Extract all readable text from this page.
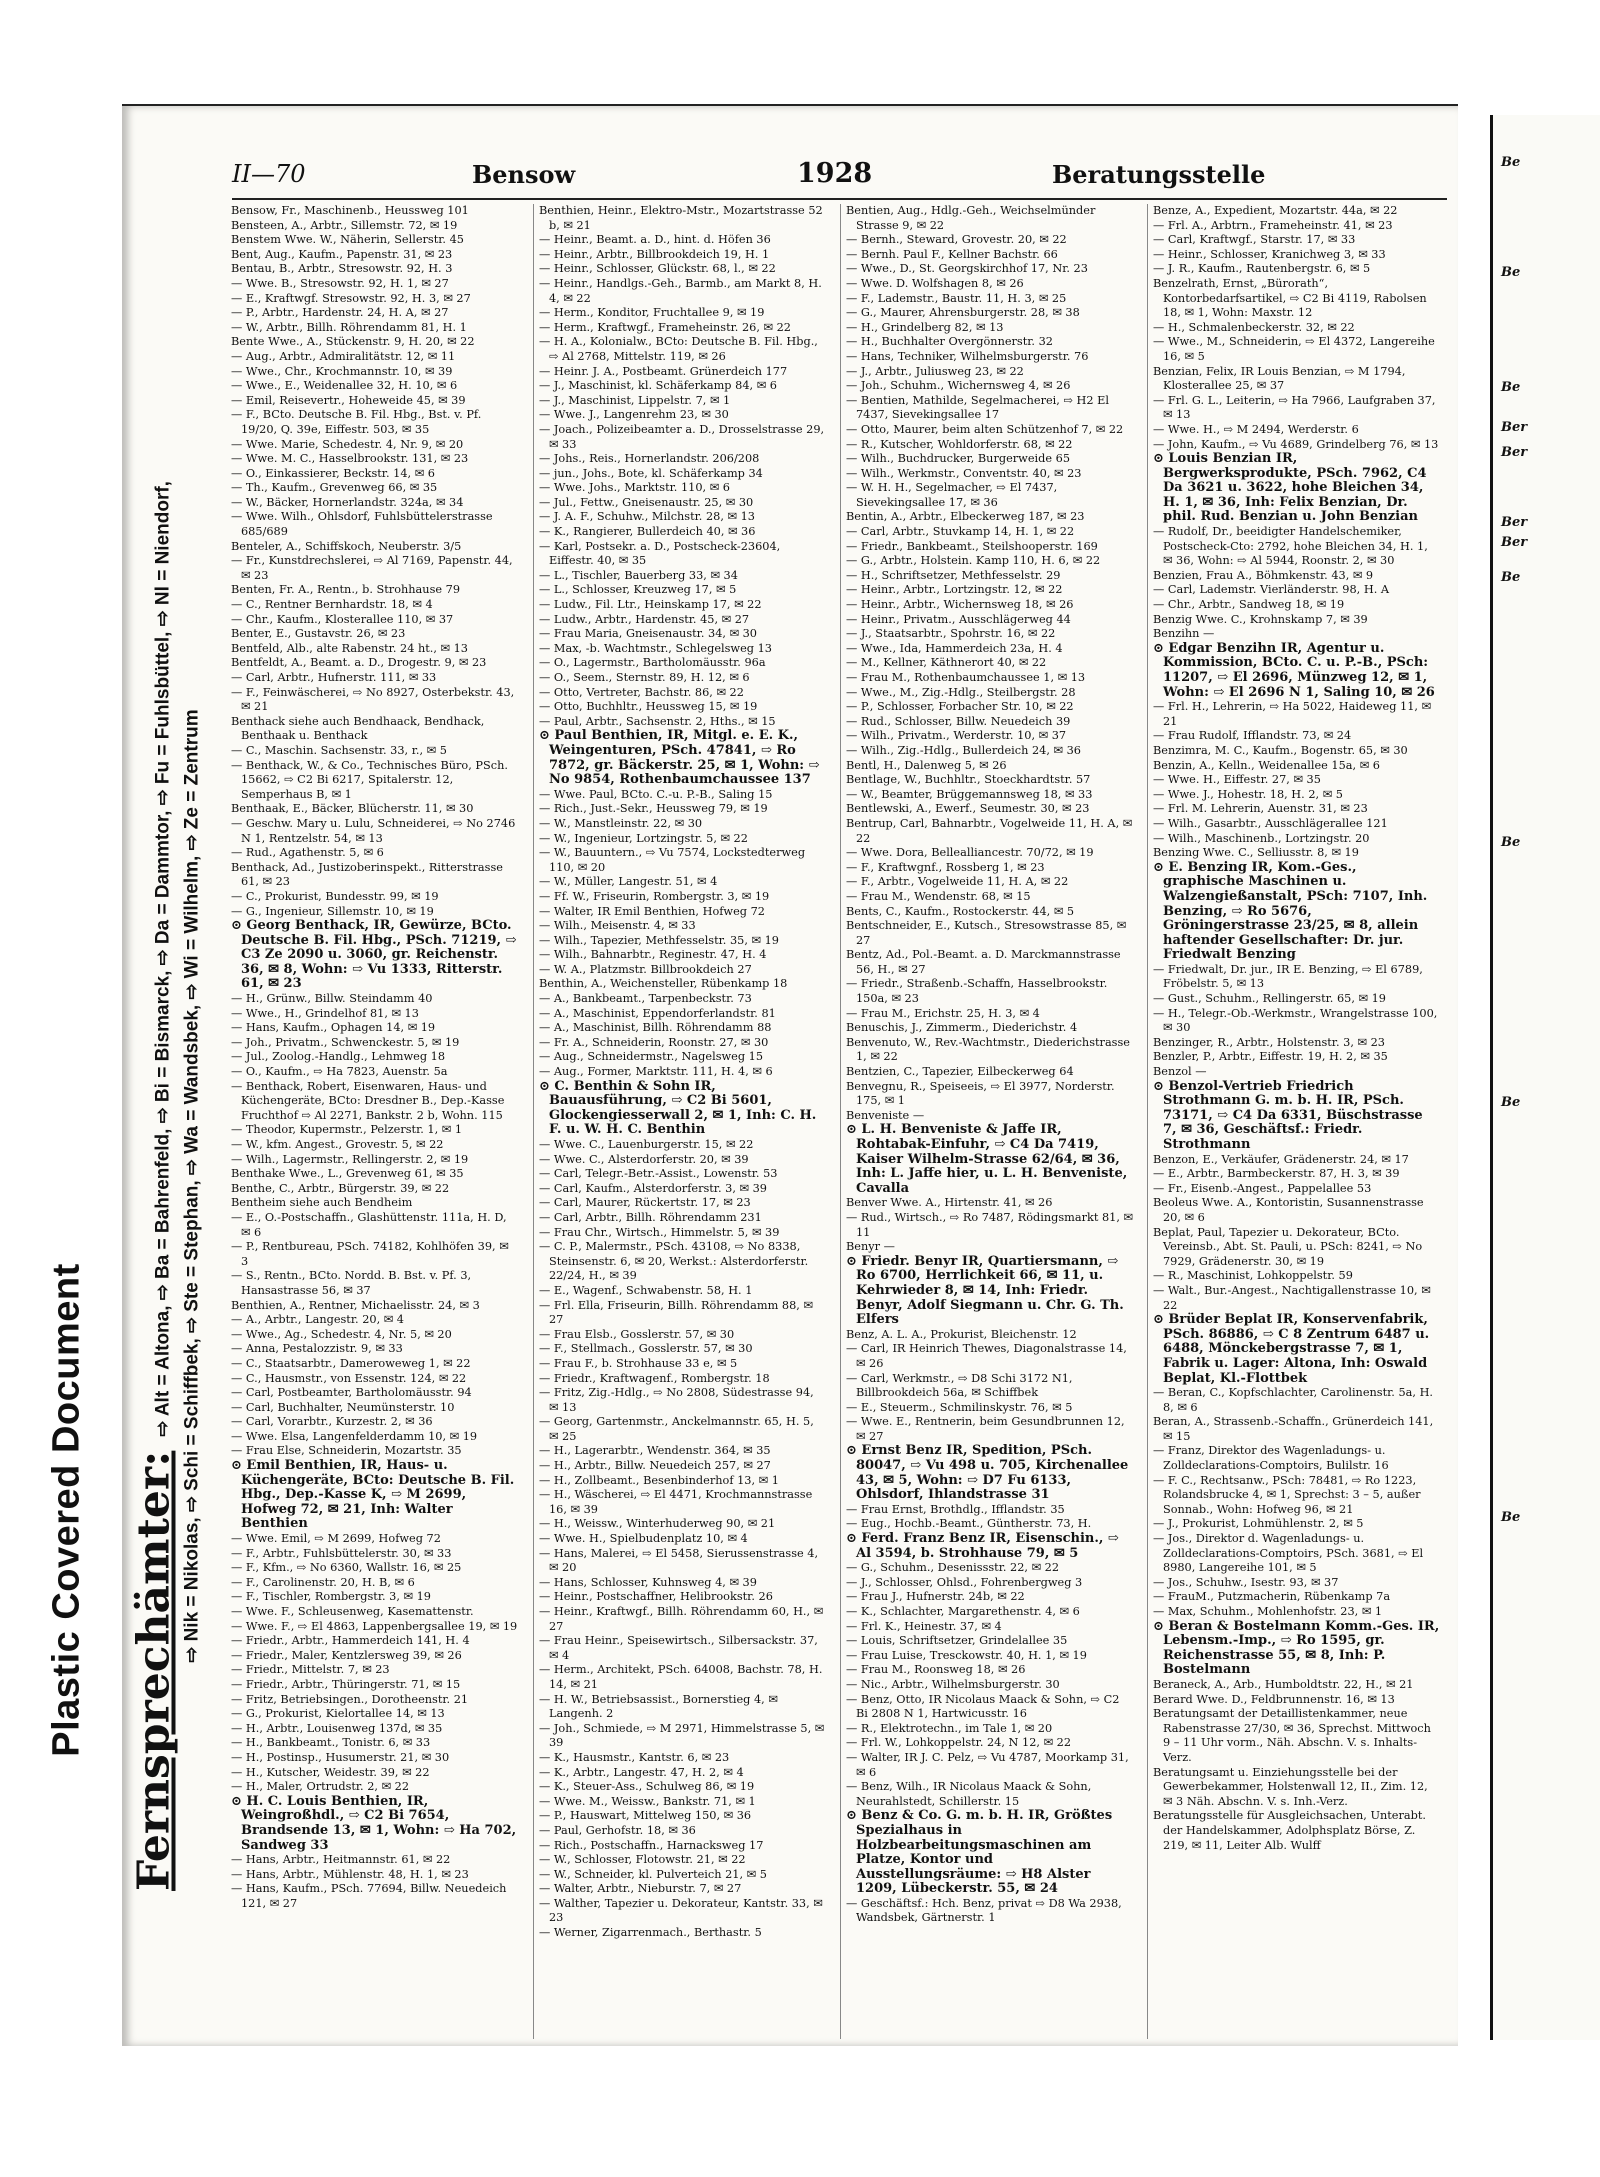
Plastic Covered Document
II—70	Bensow	1928	Beratungsstelle
Fernsprechämter:⇨ Alt = Altona, ⇨ Ba = Bahrenfeld, ⇨ Bi = Bismarck, ⇨ Da = Dammtor, ⇨ Fu = Fuhlsbüttel, ⇨ Nl = Niendorf, ⇨ Nik = Nikolas, ⇨ Schi = Schiffbek, ⇨ Ste = Stephan, ⇨ Wa = Wandsbek, ⇨ Wi = Wilhelm, ⇨ Ze = Zentrum
Bensow, Fr., Maschinenb., Heussweg 101
Bensteen, A., Arbtr., Sillemstr. 72, ✉ 19
Benstem Wwe. W., Näherin, Sellerstr. 45
Bent, Aug., Kaufm., Papenstr. 31, ✉ 23
Bentau, B., Arbtr., Stresowstr. 92, H. 3
— Wwe. B., Stresowstr. 92, H. 1, ✉ 27
— E., Kraftwgf. Stresowstr. 92, H. 3, ✉ 27
— P., Arbtr., Hardenstr. 24, H. A, ✉ 27
— W., Arbtr., Billh. Röhrendamm 81, H. 1
Bente Wwe., A., Stückenstr. 9, H. 20, ✉ 22
— Aug., Arbtr., Admiralitätstr. 12, ✉ 11
— Wwe., Chr., Krochmannstr. 10, ✉ 39
— Wwe., E., Weidenallee 32, H. 10, ✉ 6
— Emil, Reisevertr., Hoheweide 45, ✉ 39
— F., BCto. Deutsche B. Fil. Hbg., Bst. v. Pf. 19/20, Q. 39e, Eiffestr. 503, ✉ 35
— Wwe. Marie, Schedestr. 4, Nr. 9, ✉ 20
— Wwe. M. C., Hasselbrookstr. 131, ✉ 23
— O., Einkassierer, Beckstr. 14, ✉ 6
— Th., Kaufm., Grevenweg 66, ✉ 35
— W., Bäcker, Hornerlandstr. 324a, ✉ 34
— Wwe. Wilh., Ohlsdorf, Fuhlsbüttelerstrasse 685/689
Benteler, A., Schiffskoch, Neuberstr. 3/5
— Fr., Kunstdrechslerei, ⇨ Al 7169, Papenstr. 44, ✉ 23
Benten, Fr. A., Rentn., b. Strohhause 79
— C., Rentner Bernhardstr. 18, ✉ 4
— Chr., Kaufm., Klosterallee 110, ✉ 37
Benter, E., Gustavstr. 26, ✉ 23
Bentfeld, Alb., alte Rabenstr. 24 ht., ✉ 13
Bentfeldt, A., Beamt. a. D., Drogestr. 9, ✉ 23
— Carl, Arbtr., Hufnerstr. 111, ✉ 33
— F., Feinwäscherei, ⇨ No 8927, Osterbekstr. 43, ✉ 21
Benthack siehe auch Bendhaack, Bendhack, Benthaak u. Benthack
— C., Maschin. Sachsenstr. 33, r., ✉ 5
— Benthack, W., & Co., Technisches Büro, PSch. 15662, ⇨ C2 Bi 6217, Spitalerstr. 12, Semperhaus B, ✉ 1
Benthaak, E., Bäcker, Blücherstr. 11, ✉ 30
— Geschw. Mary u. Lulu, Schneiderei, ⇨ No 2746 N 1, Rentzelstr. 54, ✉ 13
— Rud., Agathenstr. 5, ✉ 6
Benthack, Ad., Justizoberinspekt., Ritterstrasse 61, ✉ 23
— C., Prokurist, Bundesstr. 99, ✉ 19
— G., Ingenieur, Sillemstr. 10, ✉ 19
⊙ Georg Benthack, IR, Gewürze, BCto. Deutsche B. Fil. Hbg., PSch. 71219, ⇨ C3 Ze 2090 u. 3060, gr. Reichenstr. 36, ✉ 8, Wohn: ⇨ Vu 1333, Ritterstr. 61, ✉ 23
— H., Grünw., Billw. Steindamm 40
— Wwe., H., Grindelhof 81, ✉ 13
— Hans, Kaufm., Ophagen 14, ✉ 19
— Joh., Privatm., Schwenckestr. 5, ✉ 19
— Jul., Zoolog.-Handlg., Lehmweg 18
— O., Kaufm., ⇨ Ha 7823, Auenstr. 5a
— Benthack, Robert, Eisenwaren, Haus- und Küchengeräte, BCto: Dresdner B., Dep.-Kasse Fruchthof ⇨ Al 2271, Bankstr. 2 b, Wohn. 115
— Theodor, Kupermstr., Pelzerstr. 1, ✉ 1
— W., kfm. Angest., Grovestr. 5, ✉ 22
— Wilh., Lagermstr., Rellingerstr. 2, ✉ 19
Benthake Wwe., L., Grevenweg 61, ✉ 35
Benthe, C., Arbtr., Bürgerstr. 39, ✉ 22
Bentheim siehe auch Bendheim
— E., O.-Postschaffn., Glashüttenstr. 111a, H. D, ✉ 6
— P., Rentbureau, PSch. 74182, Kohlhöfen 39, ✉ 3
— S., Rentn., BCto. Nordd. B. Bst. v. Pf. 3, Hansastrasse 56, ✉ 37
Benthien, A., Rentner, Michaelisstr. 24, ✉ 3
— A., Arbtr., Langestr. 20, ✉ 4
— Wwe., Ag., Schedestr. 4, Nr. 5, ✉ 20
— Anna, Pestalozzistr. 9, ✉ 33
— C., Staatsarbtr., Dameroweweg 1, ✉ 22
— C., Hausmstr., von Essenstr. 124, ✉ 22
— Carl, Postbeamter, Bartholomäusstr. 94
— Carl, Buchhalter, Neumünsterstr. 10
— Carl, Vorarbtr., Kurzestr. 2, ✉ 36
— Wwe. Elsa, Langenfelderdamm 10, ✉ 19
— Frau Else, Schneiderin, Mozartstr. 35
⊙ Emil Benthien, IR, Haus- u. Küchengeräte, BCto: Deutsche B. Fil. Hbg., Dep.-Kasse K, ⇨ M 2699, Hofweg 72, ✉ 21, Inh: Walter Benthien
— Wwe. Emil, ⇨ M 2699, Hofweg 72
— F., Arbtr., Fuhlsbüttelerstr. 30, ✉ 33
— F., Kfm., ⇨ No 6360, Wallstr. 16, ✉ 25
— F., Carolinenstr. 20, H. B, ✉ 6
— F., Tischler, Rombergstr. 3, ✉ 19
— Wwe. F., Schleusenweg, Kasemattenstr.
— Wwe. F., ⇨ El 4863, Lappenbergsallee 19, ✉ 19
— Friedr., Arbtr., Hammerdeich 141, H. 4
— Friedr., Maler, Kentzlersweg 39, ✉ 26
— Friedr., Mittelstr. 7, ✉ 23
— Friedr., Arbtr., Thüringerstr. 71, ✉ 15
— Fritz, Betriebsingen., Dorotheenstr. 21
— G., Prokurist, Kielortallee 14, ✉ 13
— H., Arbtr., Louisenweg 137d, ✉ 35
— H., Bankbeamt., Tonistr. 6, ✉ 33
— H., Postinsp., Husumerstr. 21, ✉ 30
— H., Kutscher, Weidestr. 39, ✉ 22
— H., Maler, Ortrudstr. 2, ✉ 22
⊙ H. C. Louis Benthien, IR, Weingroßhdl., ⇨ C2 Bi 7654, Brandsende 13, ✉ 1, Wohn: ⇨ Ha 702, Sandweg 33
— Hans, Arbtr., Heitmannstr. 61, ✉ 22
— Hans, Arbtr., Mühlenstr. 48, H. 1, ✉ 23
— Hans, Kaufm., PSch. 77694, Billw. Neuedeich 121, ✉ 27
Benthien, Heinr., Elektro-Mstr., Mozartstrasse 52 b, ✉ 21
— Heinr., Beamt. a. D., hint. d. Höfen 36
— Heinr., Arbtr., Billbrookdeich 19, H. 1
— Heinr., Schlosser, Glückstr. 68, l., ✉ 22
— Heinr., Handlgs.-Geh., Barmb., am Markt 8, H. 4, ✉ 22
— Herm., Konditor, Fruchtallee 9, ✉ 19
— Herm., Kraftwgf., Frameheinstr. 26, ✉ 22
— H. A., Kolonialw., BCto: Deutsche B. Fil. Hbg., ⇨ Al 2768, Mittelstr. 119, ✉ 26
— Heinr. J. A., Postbeamt. Grünerdeich 177
— J., Maschinist, kl. Schäferkamp 84, ✉ 6
— J., Maschinist, Lippelstr. 7, ✉ 1
— Wwe. J., Langenrehm 23, ✉ 30
— Joach., Polizeibeamter a. D., Drosselstrasse 29, ✉ 33
— Johs., Reis., Hornerlandstr. 206/208
— jun., Johs., Bote, kl. Schäferkamp 34
— Wwe. Johs., Marktstr. 110, ✉ 6
— Jul., Fettw., Gneisenaustr. 25, ✉ 30
— J. A. F., Schuhw., Milchstr. 28, ✉ 13
— K., Rangierer, Bullerdeich 40, ✉ 36
— Karl, Postsekr. a. D., Postscheck-23604, Eiffestr. 40, ✉ 35
— L., Tischler, Bauerberg 33, ✉ 34
— L., Schlosser, Kreuzweg 17, ✉ 5
— Ludw., Fil. Ltr., Heinskamp 17, ✉ 22
— Ludw., Arbtr., Hardenstr. 45, ✉ 27
— Frau Maria, Gneisenaustr. 34, ✉ 30
— Max, -b. Wachtmstr., Schlegelsweg 13
— O., Lagermstr., Bartholomäusstr. 96a
— O., Seem., Sternstr. 89, H. 12, ✉ 6
— Otto, Vertreter, Bachstr. 86, ✉ 22
— Otto, Buchhltr., Heussweg 15, ✉ 19
— Paul, Arbtr., Sachsenstr. 2, Hths., ✉ 15
⊙ Paul Benthien, IR, Mitgl. e. E. K., Weingenturen, PSch. 47841, ⇨ Ro 7872, gr. Bäckerstr. 25, ✉ 1, Wohn: ⇨ No 9854, Rothenbaumchaussee 137
— Wwe. Paul, BCto. C.-u. P.-B., Saling 15
— Rich., Just.-Sekr., Heussweg 79, ✉ 19
— W., Manstleinstr. 22, ✉ 30
— W., Ingenieur, Lortzingstr. 5, ✉ 22
— W., Bauuntern., ⇨ Vu 7574, Lockstedterweg 110, ✉ 20
— W., Müller, Langestr. 51, ✉ 4
— Ff. W., Friseurin, Rombergstr. 3, ✉ 19
— Walter, IR Emil Benthien, Hofweg 72
— Wilh., Meisenstr. 4, ✉ 33
— Wilh., Tapezier, Methfesselstr. 35, ✉ 19
— Wilh., Bahnarbtr., Reginestr. 47, H. 4
— W. A., Platzmstr. Billbrookdeich 27
Benthin, A., Weichensteller, Rübenkamp 18
— A., Bankbeamt., Tarpenbeckstr. 73
— A., Maschinist, Eppendorferlandstr. 81
— A., Maschinist, Billh. Röhrendamm 88
— Fr. A., Schneiderin, Roonstr. 27, ✉ 30
— Aug., Schneidermstr., Nagelsweg 15
— Aug., Former, Marktstr. 111, H. 4, ✉ 6
⊙ C. Benthin & Sohn IR, Bauausführung, ⇨ C2 Bi 5601, Glockengiesserwall 2, ✉ 1, Inh: C. H. F. u. W. H. C. Benthin
— Wwe. C., Lauenburgerstr. 15, ✉ 22
— Wwe. C., Alsterdorferstr. 20, ✉ 39
— Carl, Telegr.-Betr.-Assist., Lowenstr. 53
— Carl, Kaufm., Alsterdorferstr. 3, ✉ 39
— Carl, Maurer, Rückertstr. 17, ✉ 23
— Carl, Arbtr., Billh. Röhrendamm 231
— Frau Chr., Wirtsch., Himmelstr. 5, ✉ 39
— C. P., Malermstr., PSch. 43108, ⇨ No 8338, Steinsenstr. 6, ✉ 20, Werkst.: Alsterdorferstr. 22/24, H., ✉ 39
— E., Wagenf., Schwabenstr. 58, H. 1
— Frl. Ella, Friseurin, Billh. Röhrendamm 88, ✉ 27
— Frau Elsb., Gosslerstr. 57, ✉ 30
— F., Stellmach., Gosslerstr. 57, ✉ 30
— Frau F., b. Strohhause 33 e, ✉ 5
— Friedr., Kraftwagenf., Rombergstr. 18
— Fritz, Zig.-Hdlg., ⇨ No 2808, Südestrasse 94, ✉ 13
— Georg, Gartenmstr., Anckelmannstr. 65, H. 5, ✉ 25
— H., Lagerarbtr., Wendenstr. 364, ✉ 35
— H., Arbtr., Billw. Neuedeich 257, ✉ 27
— H., Zollbeamt., Besenbinderhof 13, ✉ 1
— H., Wäscherei, ⇨ El 4471, Krochmannstrasse 16, ✉ 39
— H., Weissw., Winterhuderweg 90, ✉ 21
— Wwe. H., Spielbudenplatz 10, ✉ 4
— Hans, Malerei, ⇨ El 5458, Sierussenstrasse 4, ✉ 20
— Hans, Schlosser, Kuhnsweg 4, ✉ 39
— Heinr., Postschaffner, Helibrookstr. 26
— Heinr., Kraftwgf., Billh. Röhrendamm 60, H., ✉ 27
— Frau Heinr., Speisewirtsch., Silbersackstr. 37, ✉ 4
— Herm., Architekt, PSch. 64008, Bachstr. 78, H. 14, ✉ 21
— H. W., Betriebsassist., Bornerstieg 4, ✉ Langenh. 2
— Joh., Schmiede, ⇨ M 2971, Himmelstrasse 5, ✉ 39
— K., Hausmstr., Kantstr. 6, ✉ 23
— K., Arbtr., Langestr. 47, H. 2, ✉ 4
— K., Steuer-Ass., Schulweg 86, ✉ 19
— Wwe. M., Weissw., Bankstr. 71, ✉ 1
— P., Hauswart, Mittelweg 150, ✉ 36
— Paul, Gerhofstr. 18, ✉ 36
— Rich., Postschaffn., Harnacksweg 17
— W., Schlosser, Flotowstr. 21, ✉ 22
— W., Schneider, kl. Pulverteich 21, ✉ 5
— Walter, Arbtr., Nieburstr. 7, ✉ 27
— Walther, Tapezier u. Dekorateur, Kantstr. 33, ✉ 23
— Werner, Zigarrenmach., Berthastr. 5
Bentien, Aug., Hdlg.-Geh., Weichselmünder Strasse 9, ✉ 22
— Bernh., Steward, Grovestr. 20, ✉ 22
— Bernh. Paul F., Kellner Bachstr. 66
— Wwe., D., St. Georgskirchhof 17, Nr. 23
— Wwe. D. Wolfshagen 8, ✉ 26
— F., Lademstr., Baustr. 11, H. 3, ✉ 25
— G., Maurer, Ahrensburgerstr. 28, ✉ 38
— H., Grindelberg 82, ✉ 13
— H., Buchhalter Overgönnerstr. 32
— Hans, Techniker, Wilhelmsburgerstr. 76
— J., Arbtr., Juliusweg 23, ✉ 22
— Joh., Schuhm., Wichernsweg 4, ✉ 26
— Bentien, Mathilde, Segelmacherei, ⇨ H2 El 7437, Sievekingsallee 17
— Otto, Maurer, beim alten Schützenhof 7, ✉ 22
— R., Kutscher, Wohldorferstr. 68, ✉ 22
— Wilh., Buchdrucker, Burgerweide 65
— Wilh., Werkmstr., Conventstr. 40, ✉ 23
— W. H. H., Segelmacher, ⇨ El 7437, Sievekingsallee 17, ✉ 36
Bentin, A., Arbtr., Elbeckerweg 187, ✉ 23
— Carl, Arbtr., Stuvkamp 14, H. 1, ✉ 22
— Friedr., Bankbeamt., Steilshooperstr. 169
— G., Arbtr., Holstein. Kamp 110, H. 6, ✉ 22
— H., Schriftsetzer, Methfesselstr. 29
— Heinr., Arbtr., Lortzingstr. 12, ✉ 22
— Heinr., Arbtr., Wichernsweg 18, ✉ 26
— Heinr., Privatm., Ausschlägerweg 44
— J., Staatsarbtr., Spohrstr. 16, ✉ 22
— Wwe., Ida, Hammerdeich 23a, H. 4
— M., Kellner, Käthnerort 40, ✉ 22
— Frau M., Rothenbaumchaussee 1, ✉ 13
— Wwe., M., Zig.-Hdlg., Steilbergstr. 28
— P., Schlosser, Forbacher Str. 10, ✉ 22
— Rud., Schlosser, Billw. Neuedeich 39
— Wilh., Privatm., Werderstr. 10, ✉ 37
— Wilh., Zig.-Hdlg., Bullerdeich 24, ✉ 36
Bentl, H., Dalenweg 5, ✉ 26
Bentlage, W., Buchhltr., Stoeckhardtstr. 57
— W., Beamter, Brüggemannsweg 18, ✉ 33
Bentlewski, A., Ewerf., Seumestr. 30, ✉ 23
Bentrup, Carl, Bahnarbtr., Vogelweide 11, H. A, ✉ 22
— Wwe. Dora, Bellealliancestr. 70/72, ✉ 19
— F., Kraftwgnf., Rossberg 1, ✉ 23
— F., Arbtr., Vogelweide 11, H. A, ✉ 22
— Frau M., Wendenstr. 68, ✉ 15
Bents, C., Kaufm., Rostockerstr. 44, ✉ 5
Bentschneider, E., Kutsch., Stresowstrasse 85, ✉ 27
Bentz, Ad., Pol.-Beamt. a. D. Marckmannstrasse 56, H., ✉ 27
— Friedr., Straßenb.-Schaffn, Hasselbrookstr. 150a, ✉ 23
— Frau M., Erichstr. 25, H. 3, ✉ 4
Benuschis, J., Zimmerm., Diederichstr. 4
Benvenuto, W., Rev.-Wachtmstr., Diederichstrasse 1, ✉ 22
Bentzien, C., Tapezier, Eilbeckerweg 64
Benvegnu, R., Speiseeis, ⇨ El 3977, Norderstr. 175, ✉ 1
Benveniste —
⊙ L. H. Benveniste & Jaffe IR, Rohtabak-Einfuhr, ⇨ C4 Da 7419, Kaiser Wilhelm-Strasse 62/64, ✉ 36, Inh: L. Jaffe hier, u. L. H. Benveniste, Cavalla
Benver Wwe. A., Hirtenstr. 41, ✉ 26
— Rud., Wirtsch., ⇨ Ro 7487, Rödingsmarkt 81, ✉ 11
Benyr —
⊙ Friedr. Benyr IR, Quartiersmann, ⇨ Ro 6700, Herrlichkeit 66, ✉ 11, u. Kehrwieder 8, ✉ 14, Inh: Friedr. Benyr, Adolf Siegmann u. Chr. G. Th. Elfers
Benz, A. L. A., Prokurist, Bleichenstr. 12
— Carl, IR Heinrich Thewes, Diagonalstrasse 14, ✉ 26
— Carl, Werkmstr., ⇨ D8 Schi 3172 N1, Billbrookdeich 56a, ✉ Schiffbek
— E., Steuerm., Schmilinskystr. 76, ✉ 5
— Wwe. E., Rentnerin, beim Gesundbrunnen 12, ✉ 27
⊙ Ernst Benz IR, Spedition, PSch. 80047, ⇨ Vu 498 u. 705, Kirchenallee 43, ✉ 5, Wohn: ⇨ D7 Fu 6133, Ohlsdorf, Ihlandstrasse 31
— Frau Ernst, Brothdlg., Ifflandstr. 35
— Eug., Hochb.-Beamt., Güntherstr. 73, H.
⊙ Ferd. Franz Benz IR, Eisenschin., ⇨ Al 3594, b. Strohhause 79, ✉ 5
— G., Schuhm., Desenissstr. 22, ✉ 22
— J., Schlosser, Ohlsd., Fohrenbergweg 3
— Frau J., Hufnerstr. 24b, ✉ 22
— K., Schlachter, Margarethenstr. 4, ✉ 6
— Frl. K., Heinestr. 37, ✉ 4
— Louis, Schriftsetzer, Grindelallee 35
— Frau Luise, Tresckowstr. 40, H. 1, ✉ 19
— Frau M., Roonsweg 18, ✉ 26
— Nic., Arbtr., Wilhelmsburgerstr. 30
— Benz, Otto, IR Nicolaus Maack & Sohn, ⇨ C2 Bi 2808 N 1, Hartwicusstr. 16
— R., Elektrotechn., im Tale 1, ✉ 20
— Frl. W., Lohkoppelstr. 24, N 12, ✉ 22
— Walter, IR J. C. Pelz, ⇨ Vu 4787, Moorkamp 31, ✉ 6
— Benz, Wilh., IR Nicolaus Maack & Sohn, Neurahlstedt, Schillerstr. 15
⊙ Benz & Co. G. m. b. H. IR, Größtes Spezialhaus in Holzbearbeitungsmaschinen am Platze, Kontor und Ausstellungsräume: ⇨ H8 Alster 1209, Lübeckerstr. 55, ✉ 24
— Geschäftsf.: Hch. Benz, privat ⇨ D8 Wa 2938, Wandsbek, Gärtnerstr. 1
Benze, A., Expedient, Mozartstr. 44a, ✉ 22
— Frl. A., Arbtrn., Frameheinstr. 41, ✉ 23
— Carl, Kraftwgf., Starstr. 17, ✉ 33
— Heinr., Schlosser, Kranichweg 3, ✉ 33
— J. R., Kaufm., Rautenbergstr. 6, ✉ 5
Benzelrath, Ernst, „Bürorath“, Kontorbedarfsartikel, ⇨ C2 Bi 4119, Rabolsen 18, ✉ 1, Wohn: Maxstr. 12
— H., Schmalenbeckerstr. 32, ✉ 22
— Wwe., M., Schneiderin, ⇨ El 4372, Langereihe 16, ✉ 5
Benzian, Felix, IR Louis Benzian, ⇨ M 1794, Klosterallee 25, ✉ 37
— Frl. G. L., Leiterin, ⇨ Ha 7966, Laufgraben 37, ✉ 13
— Wwe. H., ⇨ M 2494, Werderstr. 6
— John, Kaufm., ⇨ Vu 4689, Grindelberg 76, ✉ 13
⊙ Louis Benzian IR, Bergwerksprodukte, PSch. 7962, C4 Da 3621 u. 3622, hohe Bleichen 34, H. 1, ✉ 36, Inh: Felix Benzian, Dr. phil. Rud. Benzian u. John Benzian
— Rudolf, Dr., beeidigter Handelschemiker, Postscheck-Cto: 2792, hohe Bleichen 34, H. 1, ✉ 36, Wohn: ⇨ Al 5944, Roonstr. 2, ✉ 30
Benzien, Frau A., Böhmkenstr. 43, ✉ 9
— Carl, Lademstr. Vierländerstr. 98, H. A
— Chr., Arbtr., Sandweg 18, ✉ 19
Benzig Wwe. C., Krohnskamp 7, ✉ 39
Benzihn —
⊙ Edgar Benzihn IR, Agentur u. Kommission, BCto. C. u. P.-B., PSch: 11207, ⇨ El 2696, Münzweg 12, ✉ 1, Wohn: ⇨ El 2696 N 1, Saling 10, ✉ 26
— Frl. H., Lehrerin, ⇨ Ha 5022, Haideweg 11, ✉ 21
— Frau Rudolf, Ifflandstr. 73, ✉ 24
Benzimra, M. C., Kaufm., Bogenstr. 65, ✉ 30
Benzin, A., Kelln., Weidenallee 15a, ✉ 6
— Wwe. H., Eiffestr. 27, ✉ 35
— Wwe. J., Hohestr. 18, H. 2, ✉ 5
— Frl. M. Lehrerin, Auenstr. 31, ✉ 23
— Wilh., Gasarbtr., Ausschlägerallee 121
— Wilh., Maschinenb., Lortzingstr. 20
Benzing Wwe. C., Selliusstr. 8, ✉ 19
⊙ E. Benzing IR, Kom.-Ges., graphische Maschinen u. Walzengießanstalt, PSch: 7107, Inh. Benzing, ⇨ Ro 5676, Gröningerstrasse 23/25, ✉ 8, allein haftender Gesellschafter: Dr. jur. Friedwalt Benzing
— Friedwalt, Dr. jur., IR E. Benzing, ⇨ El 6789, Fröbelstr. 5, ✉ 13
— Gust., Schuhm., Rellingerstr. 65, ✉ 19
— H., Telegr.-Ob.-Werkmstr., Wrangelstrasse 100, ✉ 30
Benzinger, R., Arbtr., Holstenstr. 3, ✉ 23
Benzler, P., Arbtr., Eiffestr. 19, H. 2, ✉ 35
Benzol —
⊙ Benzol-Vertrieb Friedrich Strothmann G. m. b. H. IR, PSch. 73171, ⇨ C4 Da 6331, Büschstrasse 7, ✉ 36, Geschäftsf.: Friedr. Strothmann
Benzon, E., Verkäufer, Grädenerstr. 24, ✉ 17
— E., Arbtr., Barmbeckerstr. 87, H. 3, ✉ 39
— Fr., Eisenb.-Angest., Pappelallee 53
Beoleus Wwe. A., Kontoristin, Susannenstrasse 20, ✉ 6
Beplat, Paul, Tapezier u. Dekorateur, BCto. Vereinsb., Abt. St. Pauli, u. PSch: 8241, ⇨ No 7929, Grädenerstr. 30, ✉ 19
— R., Maschinist, Lohkoppelstr. 59
— Walt., Bur.-Angest., Nachtigallenstrasse 10, ✉ 22
⊙ Brüder Beplat IR, Konservenfabrik, PSch. 86886, ⇨ C 8 Zentrum 6487 u. 6488, Mönckebergstrasse 7, ✉ 1, Fabrik u. Lager: Altona, Inh: Oswald Beplat, Kl.-Flottbek
— Beran, C., Kopfschlachter, Carolinenstr. 5a, H. 8, ✉ 6
Beran, A., Strassenb.-Schaffn., Grünerdeich 141, ✉ 15
— Franz, Direktor des Wagenladungs- u. Zolldeclarations-Comptoirs, Bulilstr. 16
— F. C., Rechtsanw., PSch: 78481, ⇨ Ro 1223, Rolandsbrucke 4, ✉ 1, Sprechst: 3 – 5, außer Sonnab., Wohn: Hofweg 96, ✉ 21
— J., Prokurist, Lohmühlenstr. 2, ✉ 5
— Jos., Direktor d. Wagenladungs- u. Zolldeclarations-Comptoirs, PSch. 3681, ⇨ El 8980, Langereihe 101, ✉ 5
— Jos., Schuhw., Isestr. 93, ✉ 37
— FrauM., Putzmacherin, Rübenkamp 7a
— Max, Schuhm., Mohlenhofstr. 23, ✉ 1
⊙ Beran & Bostelmann Komm.-Ges. IR, Lebensm.-Imp., ⇨ Ro 1595, gr. Reichenstrasse 55, ✉ 8, Inh: P. Bostelmann
Beraneck, A., Arb., Humboldtstr. 22, H., ✉ 21
Berard Wwe. D., Feldbrunnenstr. 16, ✉ 13
Beratungsamt der Detaillistenkammer, neue Rabenstrasse 27/30, ✉ 36, Sprechst. Mittwoch 9 – 11 Uhr vorm., Näh. Abschn. V. s. Inhalts-Verz.
Beratungsamt u. Einziehungsstelle bei der Gewerbekammer, Holstenwall 12, II., Zim. 12, ✉ 3 Näh. Abschn. V. s. Inh.-Verz.
Beratungsstelle für Ausgleichsachen, Unterabt. der Handelskammer, Adolphsplatz Börse, Z. 219, ✉ 11, Leiter Alb. Wulff
Be
Be
Be
Ber
Ber
Ber
Ber
Be
Be
Be
Be
